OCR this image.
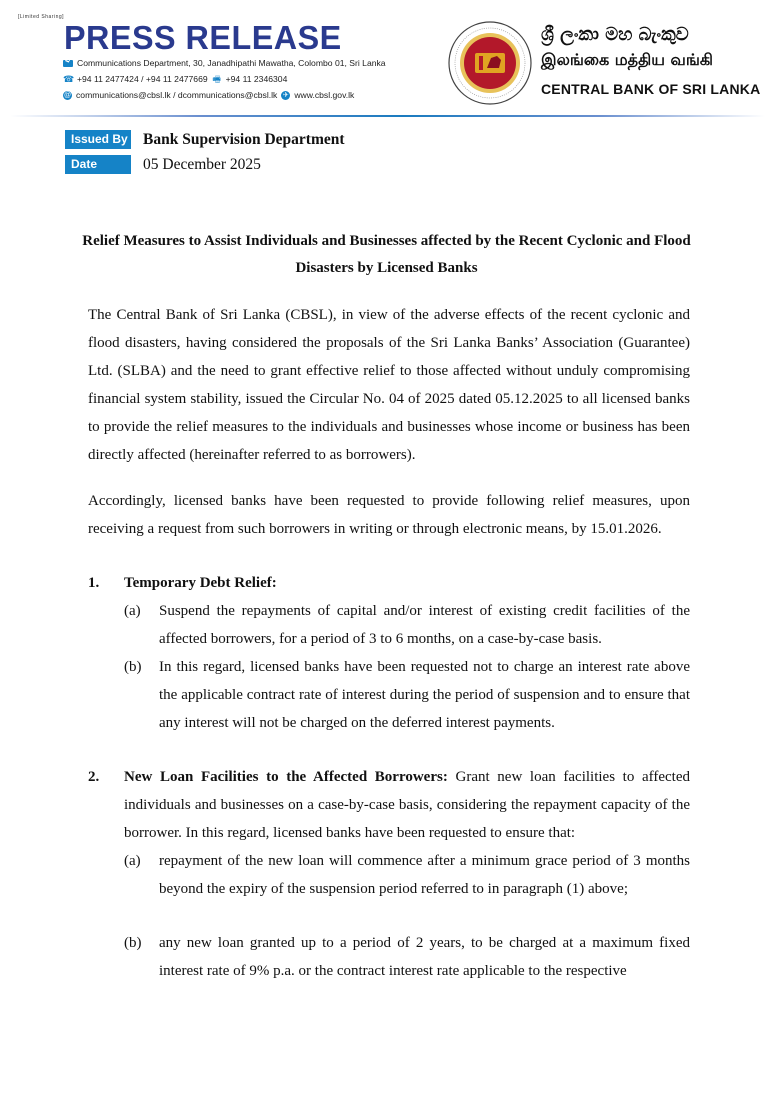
[Limited Sharing]
PRESS RELEASE
Communications Department, 30, Janadhipathi Mawatha, Colombo 01, Sri Lanka
☎ +94 11 2477424 / +94 11 2477669 🖷 +94 11 2346304
@ communications@cbsl.lk / dcommunications@cbsl.lk ✈ www.cbsl.gov.lk
ශ්‍රී ලංකා මහ බැංකුව
இலங்கை மத்திய வங்கி
CENTRAL BANK OF SRI LANKA
Issued By Bank Supervision Department
Date	05 December 2025
Relief Measures to Assist Individuals and Businesses affected by the Recent Cyclonic and Flood Disasters by Licensed Banks
The Central Bank of Sri Lanka (CBSL), in view of the adverse effects of the recent cyclonic and flood disasters, having considered the proposals of the Sri Lanka Banks’ Association (Guarantee) Ltd. (SLBA) and the need to grant effective relief to those affected without unduly compromising financial system stability, issued the Circular No. 04 of 2025 dated 05.12.2025 to all licensed banks to provide the relief measures to the individuals and businesses whose income or business has been directly affected (hereinafter referred to as borrowers).
Accordingly, licensed banks have been requested to provide following relief measures, upon receiving a request from such borrowers in writing or through electronic means, by 15.01.2026.
1. Temporary Debt Relief:
(a) Suspend the repayments of capital and/or interest of existing credit facilities of the affected borrowers, for a period of 3 to 6 months, on a case-by-case basis.
(b) In this regard, licensed banks have been requested not to charge an interest rate above the applicable contract rate of interest during the period of suspension and to ensure that any interest will not be charged on the deferred interest payments.
2. New Loan Facilities to the Affected Borrowers: Grant new loan facilities to affected individuals and businesses on a case-by-case basis, considering the repayment capacity of the borrower. In this regard, licensed banks have been requested to ensure that:
(a) repayment of the new loan will commence after a minimum grace period of 3 months beyond the expiry of the suspension period referred to in paragraph (1) above;
(b) any new loan granted up to a period of 2 years, to be charged at a maximum fixed interest rate of 9% p.a. or the contract interest rate applicable to the respective
